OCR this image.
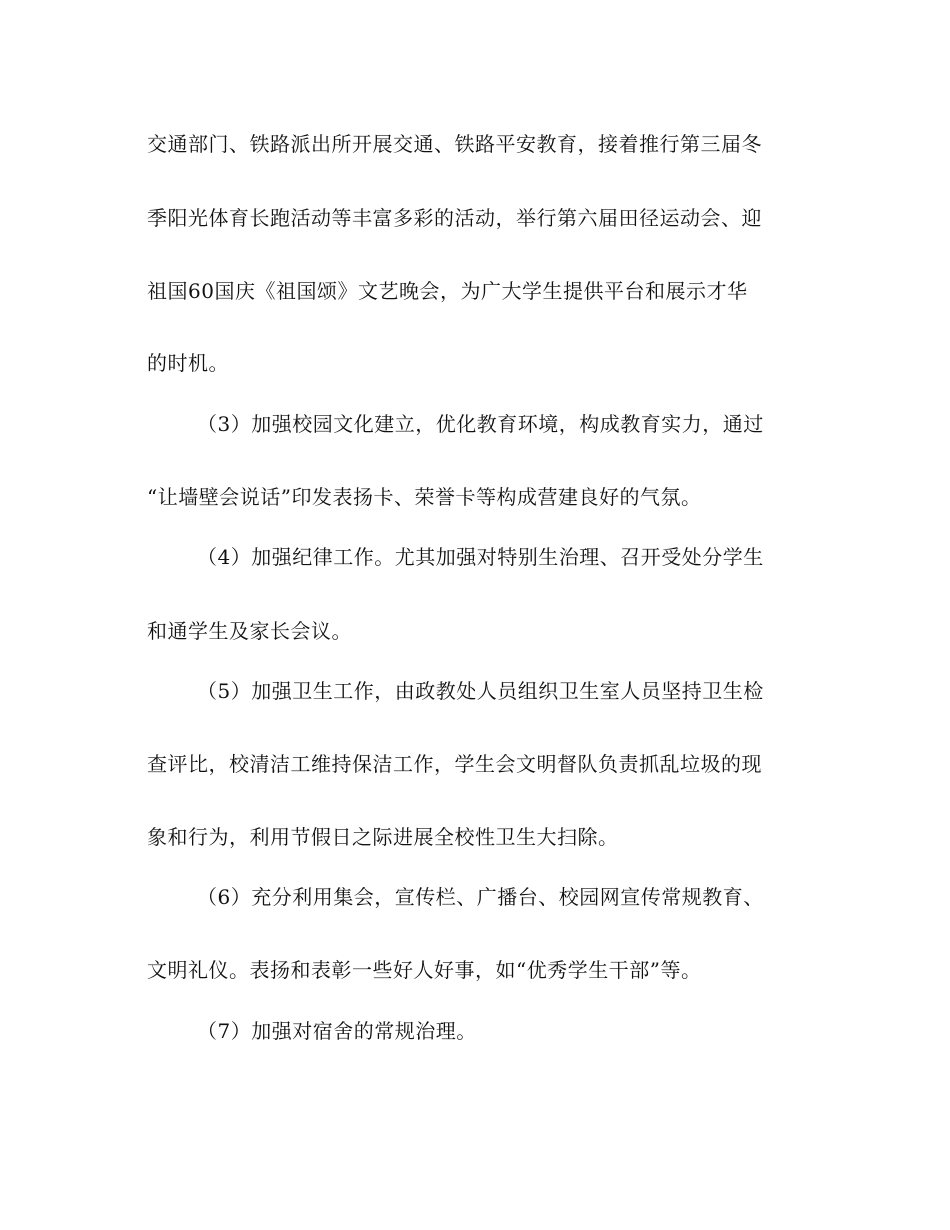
交通部门、铁路派出所开展交通、铁路平安教育，接着推行第三届冬
季阳光体育长跑活动等丰富多彩的活动，举行第六届田径运动会、迎
祖国60国庆《祖国颂》文艺晚会，为广大学生提供平台和展示才华
的时机。
（3）加强校园文化建立，优化教育环境，构成教育实力，通过
“让墙壁会说话”印发表扬卡、荣誉卡等构成营建良好的气氛。
（4）加强纪律工作。尤其加强对特别生治理、召开受处分学生
和通学生及家长会议。
（5）加强卫生工作，由政教处人员组织卫生室人员坚持卫生检
查评比，校清洁工维持保洁工作，学生会文明督队负责抓乱垃圾的现
象和行为，利用节假日之际进展全校性卫生大扫除。
（6）充分利用集会，宣传栏、广播台、校园网宣传常规教育、
文明礼仪。表扬和表彰一些好人好事，如“优秀学生干部”等。
（7）加强对宿舍的常规治理。
